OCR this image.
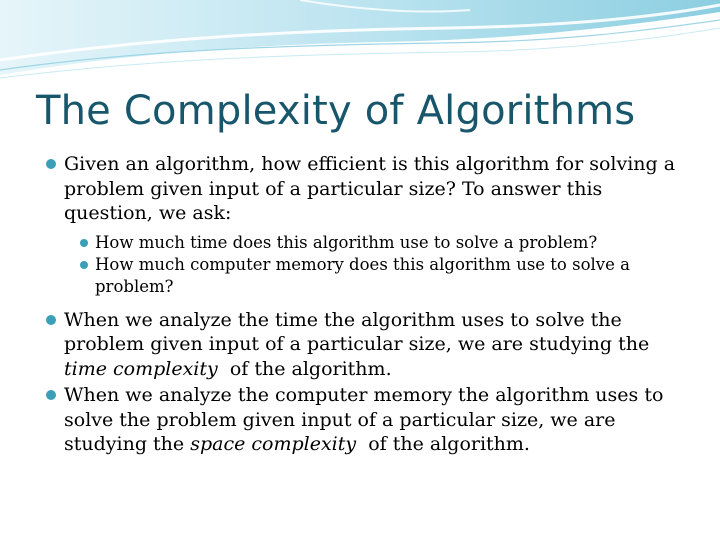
The Complexity of Algorithms

Given an algorithm, how efficient is this algorithm for solving a problem given input of a particular size? To answer this question, we ask:

How much time does this algorithm use to solve a problem?

How much computer memory does this algorithm use to solve a problem?

When we analyze the time the algorithm uses to solve the problem given input of a particular size, we are studying the time complexity  of the algorithm.

When we analyze the computer memory the algorithm uses to solve the problem given input of a particular size, we are studying the space complexity  of the algorithm.
